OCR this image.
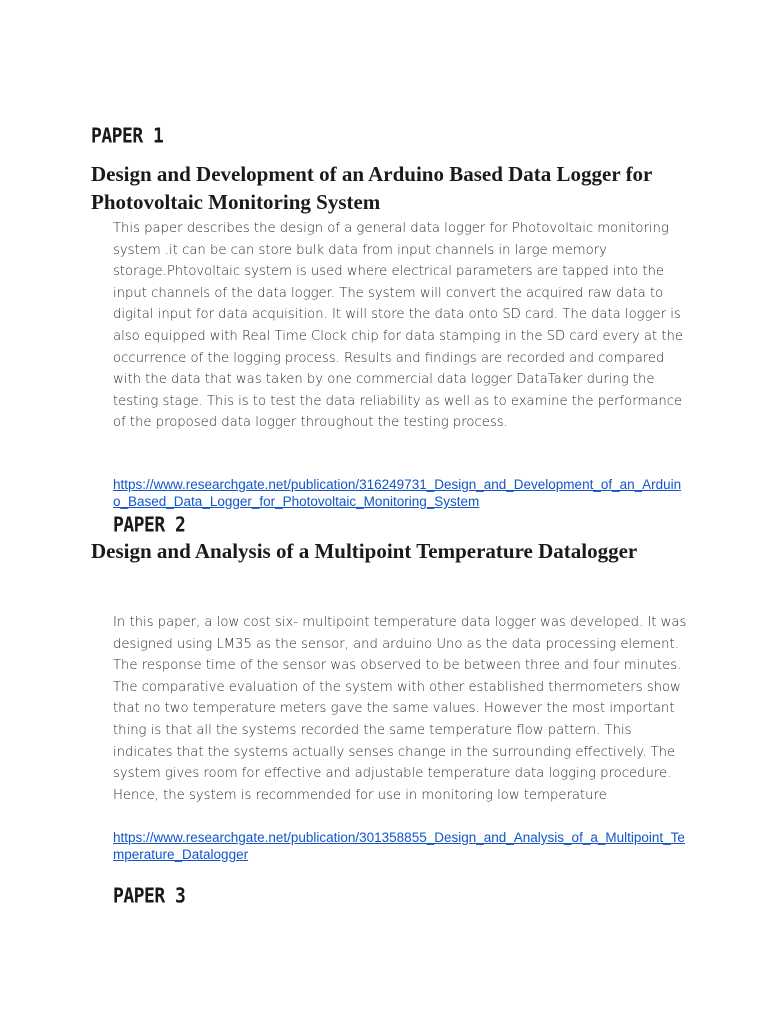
PAPER 1
Design and Development of an Arduino Based Data Logger for Photovoltaic Monitoring System

This paper describes the design of a general data logger for Photovoltaic monitoring system .it can be can store bulk data from input channels in large memory storage.Phtovoltaic system is used where electrical parameters are tapped into the input channels of the data logger. The system will convert the acquired raw data to digital input for data acquisition. It will store the data onto SD card. The data logger is also equipped with Real Time Clock chip for data stamping in the SD card every at the occurrence of the logging process. Results and findings are recorded and compared with the data that was taken by one commercial data logger DataTaker during the testing stage. This is to test the data reliability as well as to examine the performance of the proposed data logger throughout the testing process.

https://www.researchgate.net/publication/316249731_Design_and_Development_of_an_Arduino_Based_Data_Logger_for_Photovoltaic_Monitoring_System
PAPER 2
Design and Analysis of a Multipoint Temperature Datalogger

In this paper, a low cost six- multipoint temperature data logger was developed. It was designed using LM35 as the sensor, and arduino Uno as the data processing element. The response time of the sensor was observed to be between three and four minutes. The comparative evaluation of the system with other established thermometers show that no two temperature meters gave the same values. However the most important thing is that all the systems recorded the same temperature flow pattern. This indicates that the systems actually senses change in the surrounding effectively. The system gives room for effective and adjustable temperature data logging procedure. Hence, the system is recommended for use in monitoring low temperature

https://www.researchgate.net/publication/301358855_Design_and_Analysis_of_a_Multipoint_Temperature_Datalogger
PAPER 3
